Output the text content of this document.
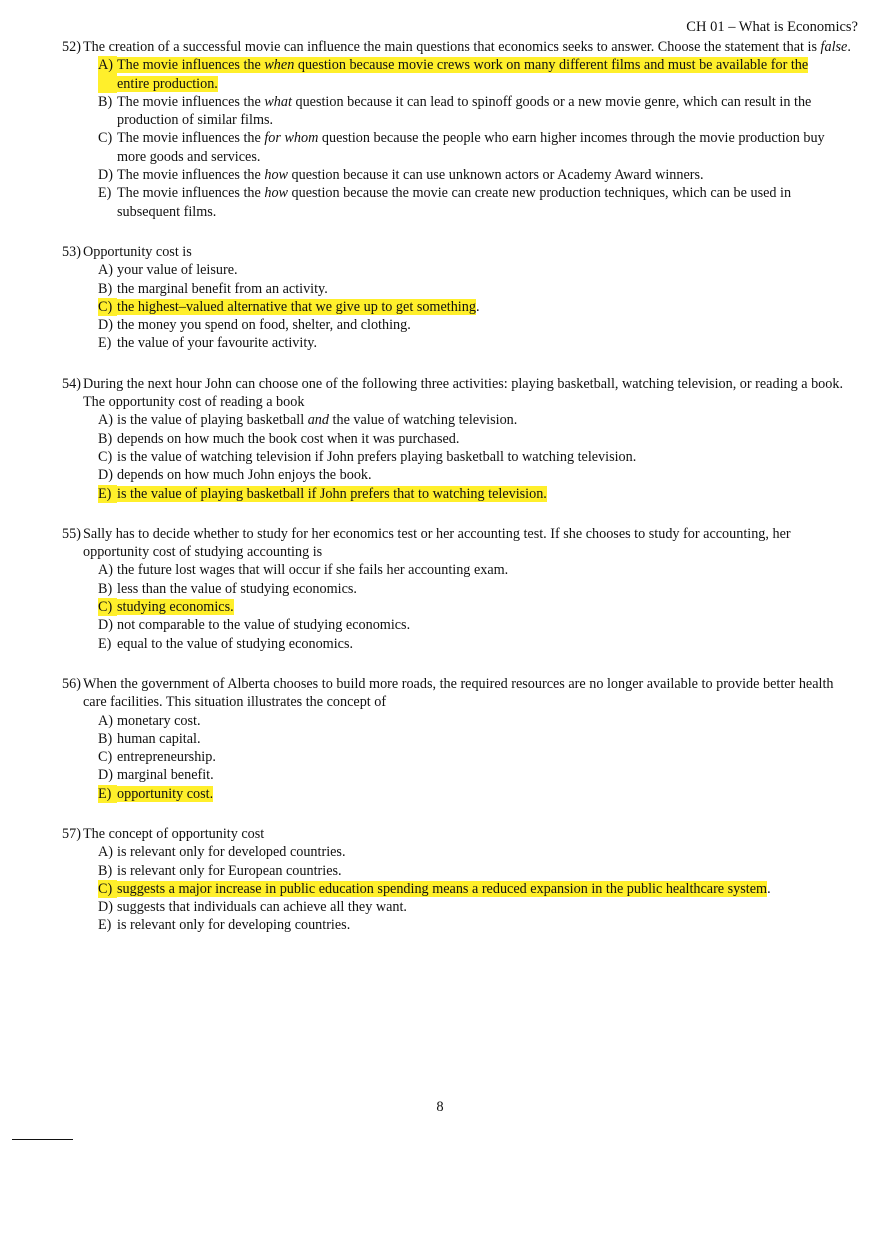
CH 01 – What is Economics?
52) The creation of a successful movie can influence the main questions that economics seeks to answer. Choose the statement that is false.
A) The movie influences the when question because movie crews work on many different films and must be available for the entire production.
B) The movie influences the what question because it can lead to spinoff goods or a new movie genre, which can result in the production of similar films.
C) The movie influences the for whom question because the people who earn higher incomes through the movie production buy more goods and services.
D) The movie influences the how question because it can use unknown actors or Academy Award winners.
E) The movie influences the how question because the movie can create new production techniques, which can be used in subsequent films.
53) Opportunity cost is
A) your value of leisure.
B) the marginal benefit from an activity.
C) the highest–valued alternative that we give up to get something.
D) the money you spend on food, shelter, and clothing.
E) the value of your favourite activity.
54) During the next hour John can choose one of the following three activities: playing basketball, watching television, or reading a book. The opportunity cost of reading a book
A) is the value of playing basketball and the value of watching television.
B) depends on how much the book cost when it was purchased.
C) is the value of watching television if John prefers playing basketball to watching television.
D) depends on how much John enjoys the book.
E) is the value of playing basketball if John prefers that to watching television.
55) Sally has to decide whether to study for her economics test or her accounting test. If she chooses to study for accounting, her opportunity cost of studying accounting is
A) the future lost wages that will occur if she fails her accounting exam.
B) less than the value of studying economics.
C) studying economics.
D) not comparable to the value of studying economics.
E) equal to the value of studying economics.
56) When the government of Alberta chooses to build more roads, the required resources are no longer available to provide better health care facilities. This situation illustrates the concept of
A) monetary cost.
B) human capital.
C) entrepreneurship.
D) marginal benefit.
E) opportunity cost.
57) The concept of opportunity cost
A) is relevant only for developed countries.
B) is relevant only for European countries.
C) suggests a major increase in public education spending means a reduced expansion in the public healthcare system.
D) suggests that individuals can achieve all they want.
E) is relevant only for developing countries.
8
